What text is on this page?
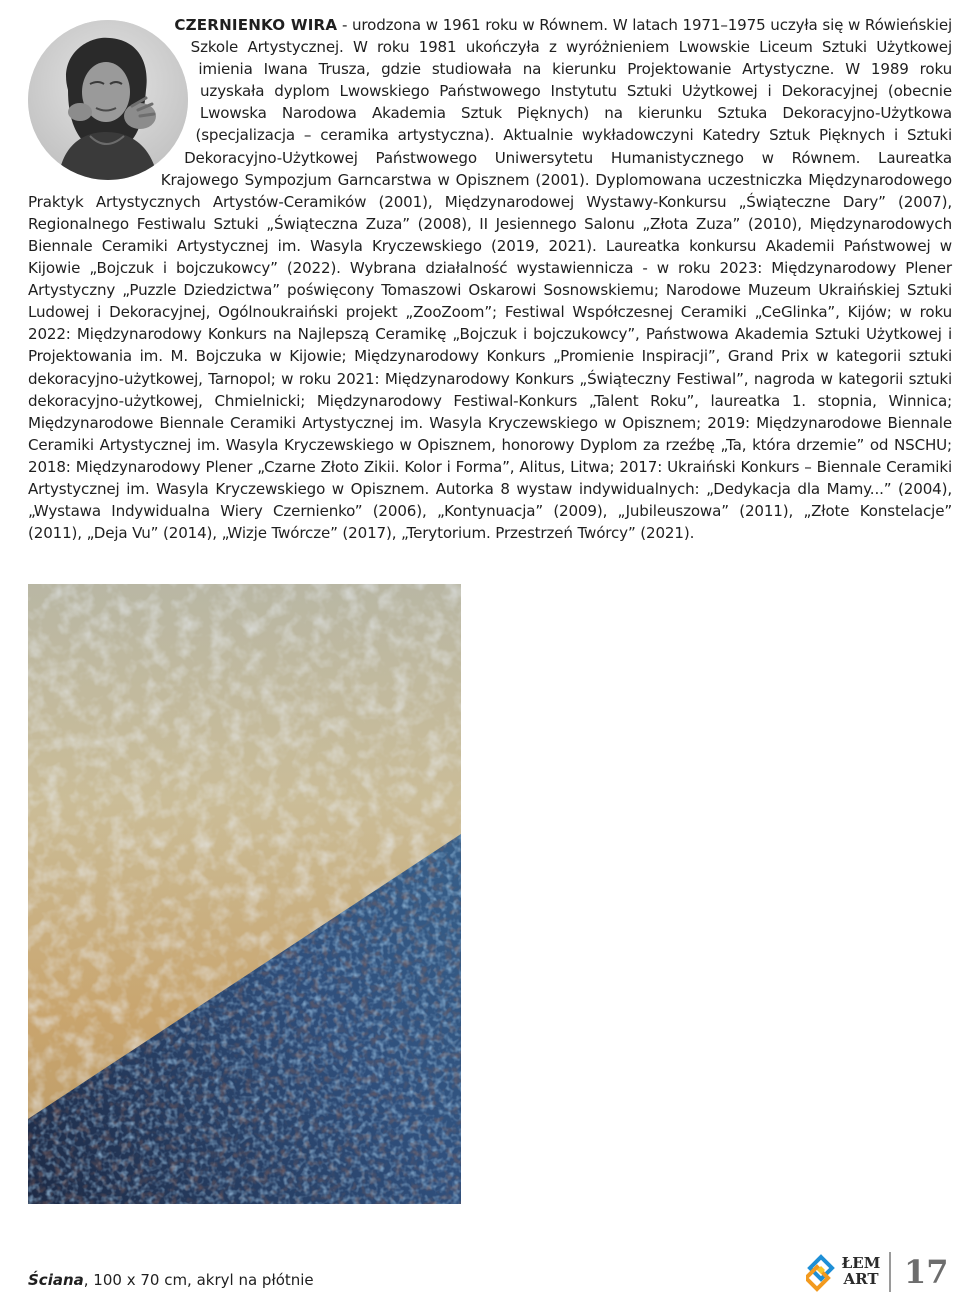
CZERNIENKO WIRA - urodzona w 1961 roku w Równem. W latach 1971–1975 uczyła się w Rówieńskiej Szkole Artystycznej. W roku 1981 ukończyła z wyróżnieniem Lwowskie Liceum Sztuki Użytkowej imienia Iwana Trusza, gdzie studiowała na kierunku Projektowanie Artystyczne. W 1989 roku uzyskała dyplom Lwowskiego Państwowego Instytutu Sztuki Użytkowej i Dekoracyjnej (obecnie Lwowska Narodowa Akademia Sztuk Pięknych) na kierunku Sztuka Dekoracyjno-Użytkowa (specjalizacja – ceramika artystyczna). Aktualnie wykładowczyni Katedry Sztuk Pięknych i Sztuki Dekoracyjno-Użytkowej Państwowego Uniwersytetu Humanistycznego w Równem. Laureatka Krajowego Sympozjum Garncarstwa w Opisznem (2001). Dyplomowana uczestniczka Międzynarodowego Praktyk Artystycznych Artystów-Ceramików (2001), Międzynarodowej Wystawy-Konkursu „Świąteczne Dary” (2007), Regionalnego Festiwalu Sztuki „Świąteczna Zuza” (2008), II Jesiennego Salonu „Złota Zuza” (2010), Międzynarodowych Biennale Ceramiki Artystycznej im. Wasyla Kryczewskiego (2019, 2021). Laureatka konkursu Akademii Państwowej w Kijowie „Bojczuk i bojczukowcy” (2022). Wybrana działalność wystawiennicza - w roku 2023: Międzynarodowy Plener Artystyczny „Puzzle Dziedzictwa” poświęcony Tomaszowi Oskarowi Sosnowskiemu; Narodowe Muzeum Ukraińskiej Sztuki Ludowej i Dekoracyjnej, Ogólnoukraiński projekt „ZooZoom”; Festiwal Współczesnej Ceramiki „CeGlinka”, Kijów; w roku 2022: Międzynarodowy Konkurs na Najlepszą Ceramikę „Bojczuk i bojczukowcy”, Państwowa Akademia Sztuki Użytkowej i Projektowania im. M. Bojczuka w Kijowie; Międzynarodowy Konkurs „Promienie Inspiracji”, Grand Prix w kategorii sztuki dekoracyjno-użytkowej, Tarnopol; w roku 2021: Międzynarodowy Konkurs „Świąteczny Festiwal”, nagroda w kategorii sztuki dekoracyjno-użytkowej, Chmielnicki; Międzynarodowy Festiwal-Konkurs „Talent Roku”, laureatka 1. stopnia, Winnica; Międzynarodowe Biennale Ceramiki Artystycznej im. Wasyla Kryczewskiego w Opisznem; 2019: Międzynarodowe Biennale Ceramiki Artystycznej im. Wasyla Kryczewskiego w Opisznem, honorowy Dyplom za rzeźbę „Ta, która drzemie” od NSCHU; 2018: Międzynarodowy Plener „Czarne Złoto Zikii. Kolor i Forma”, Alitus, Litwa; 2017: Ukraiński Konkurs – Biennale Ceramiki Artystycznej im. Wasyla Kryczewskiego w Opisznem. Autorka 8 wystaw indywidualnych: „Dedykacja dla Mamy...” (2004), „Wystawa Indywidualna Wiery Czernienko” (2006), „Kontynuacja” (2009), „Jubileuszowa” (2011), „Złote Konstelacje” (2011), „Deja Vu” (2014), „Wizje Twórcze” (2017), „Terytorium. Przestrzeń Twórcy” (2021).
Ściana, 100 x 70 cm, akryl na płótnie
ŁEM
ART 17
